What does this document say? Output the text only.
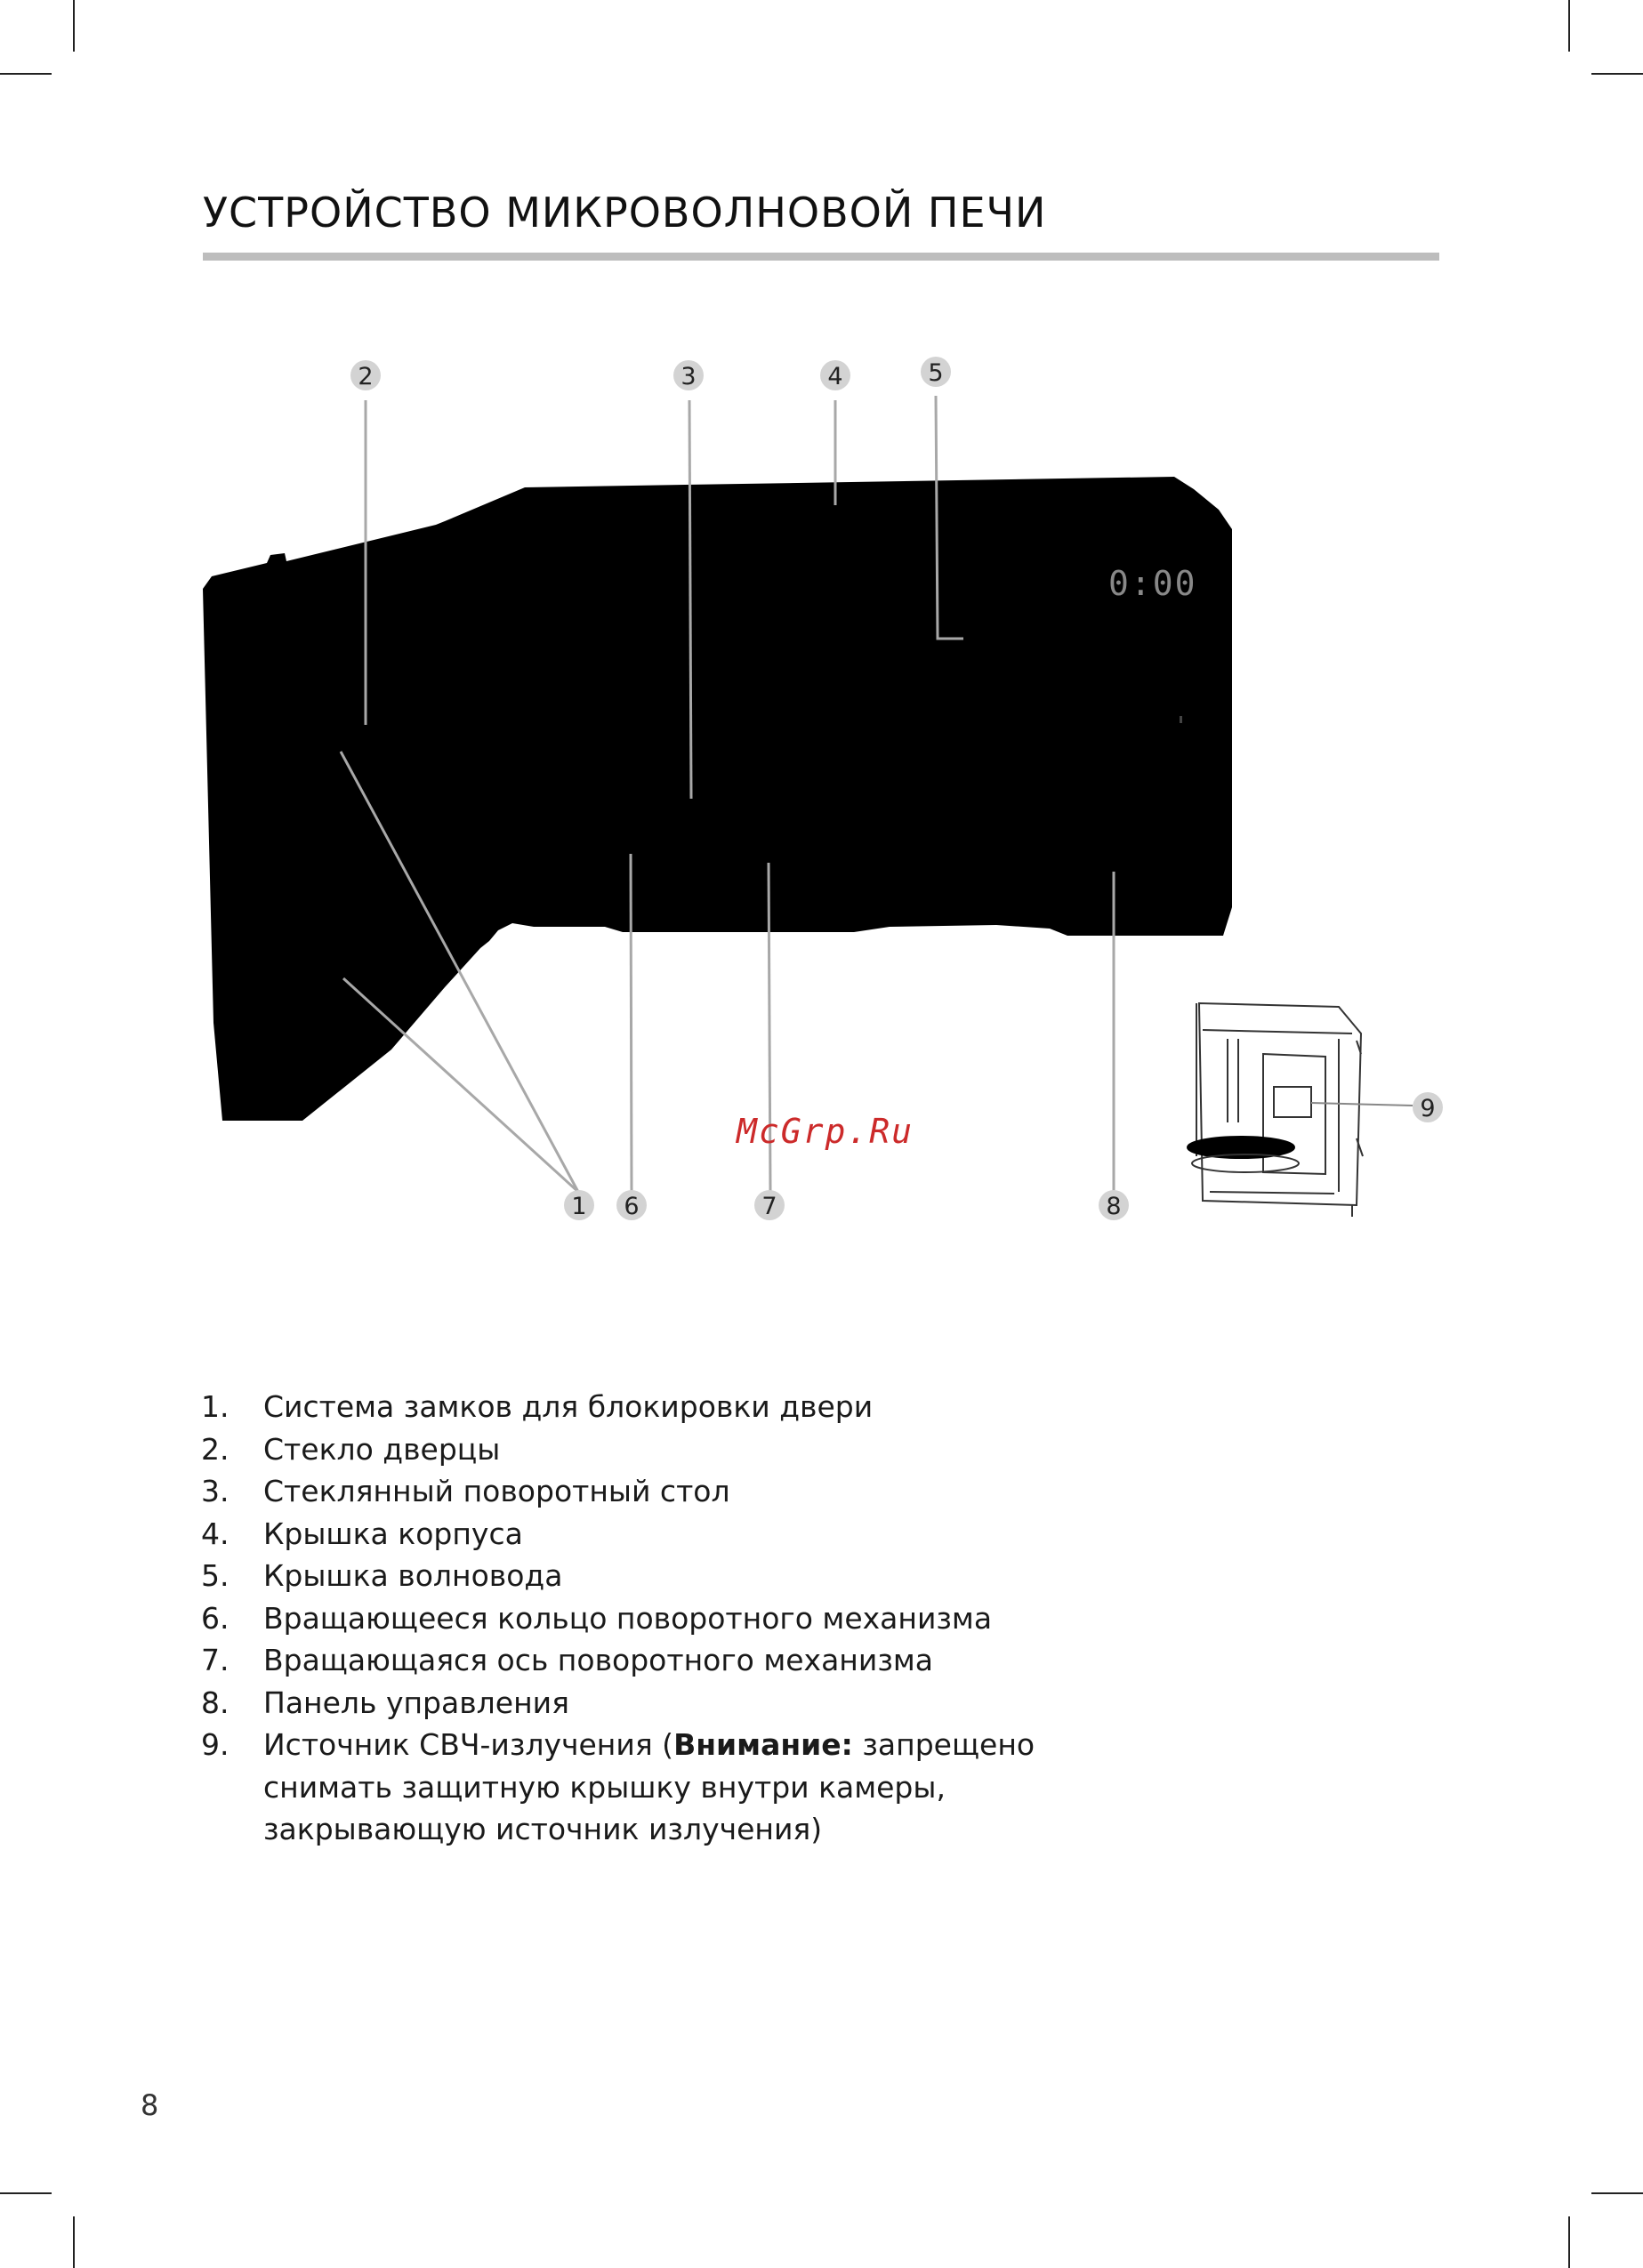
УСТРОЙСТВО МИКРОВОЛНОВОЙ ПЕЧИ
0:00
1
2	3	4	5
6	7	8
9
McGrp.Ru
1.	Система замков для блокировки двери
2.	Стекло дверцы
3.	Стеклянный поворотный стол
4.	Крышка корпуса
5.	Крышка волновода
6.	Вращающееся кольцо поворотного механизма
7.	Вращающаяся ось поворотного механизма
8.	Панель управления
9.	Источник СВЧ-излучения (Внимание: запрещено снимать защитную крышку внутри камеры, закрывающую источник излучения)
8
